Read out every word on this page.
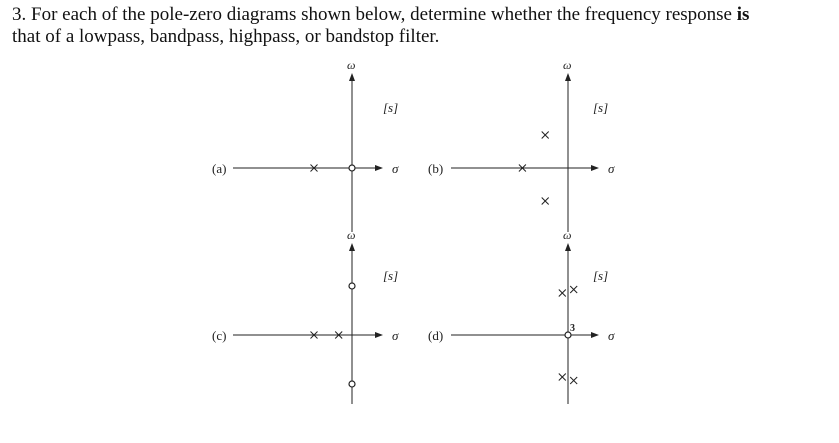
3. For each of the pole-zero diagrams shown below, determine whether the frequency response is
that of a lowpass, bandpass, highpass, or bandstop filter.
(a)	σ
ω
[s]
(b)	σ
ω
[s]
(c)	σ
ω
[s]
(d)	σ
ω
[s]
3
